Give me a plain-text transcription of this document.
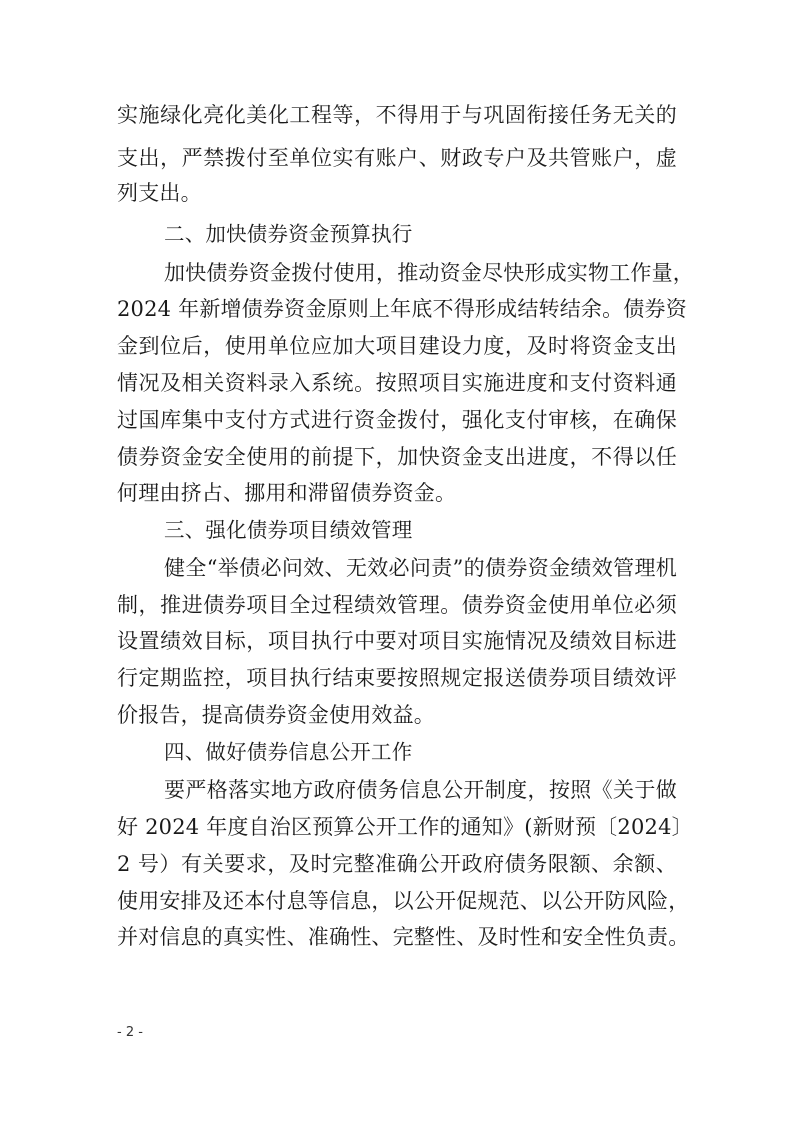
实施绿化亮化美化工程等，不得用于与巩固衔接任务无关的
支出，严禁拨付至单位实有账户、财政专户及共管账户，虚
列支出。
二、加快债券资金预算执行
加快债券资金拨付使用，推动资金尽快形成实物工作量，
2024 年新增债券资金原则上年底不得形成结转结余。债券资
金到位后，使用单位应加大项目建设力度，及时将资金支出
情况及相关资料录入系统。按照项目实施进度和支付资料通
过国库集中支付方式进行资金拨付，强化支付审核，在确保
债券资金安全使用的前提下，加快资金支出进度，不得以任
何理由挤占、挪用和滞留债券资金。
三、强化债券项目绩效管理
健全“举债必问效、无效必问责”的债券资金绩效管理机
制，推进债券项目全过程绩效管理。债券资金使用单位必须
设置绩效目标，项目执行中要对项目实施情况及绩效目标进
行定期监控，项目执行结束要按照规定报送债券项目绩效评
价报告，提高债券资金使用效益。
四、做好债券信息公开工作
要严格落实地方政府债务信息公开制度，按照《关于做
好 2024 年度自治区预算公开工作的通知》(新财预〔2024〕
2 号）有关要求，及时完整准确公开政府债务限额、余额、
使用安排及还本付息等信息，以公开促规范、以公开防风险，
并对信息的真实性、准确性、完整性、及时性和安全性负责。
- 2 -
